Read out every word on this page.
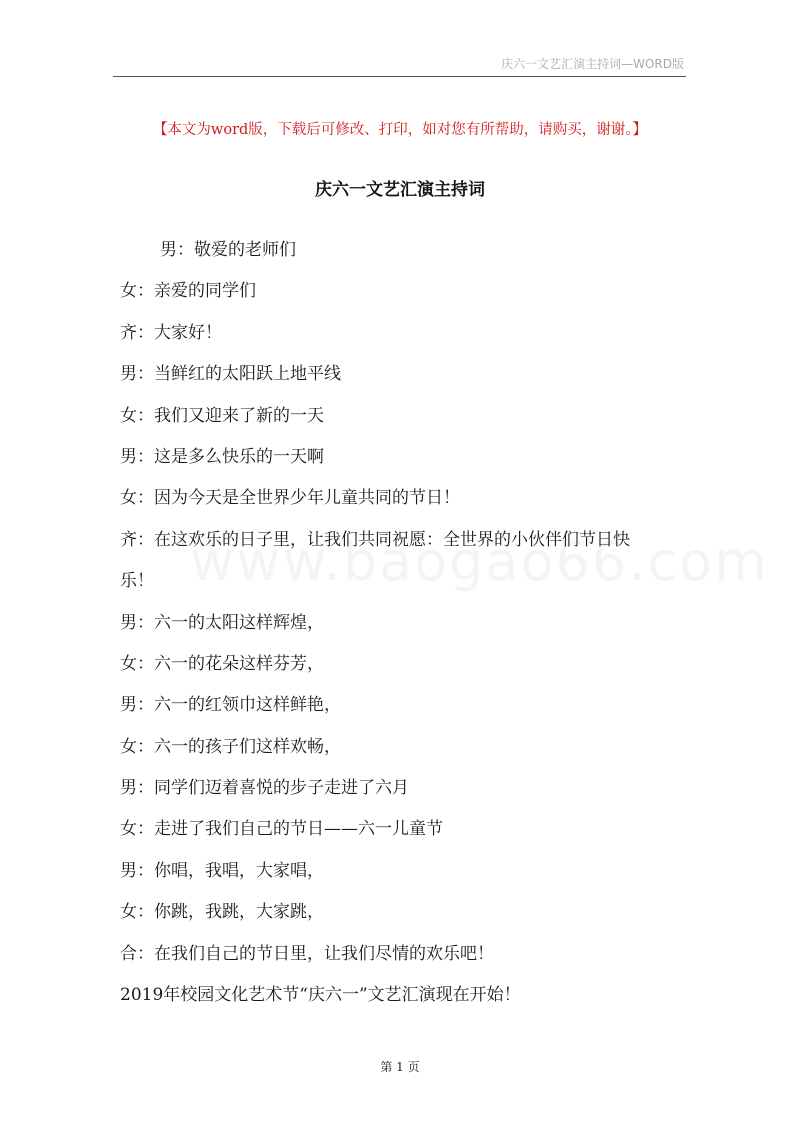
庆六一文艺汇演主持词—WORD版
【本文为word版，下载后可修改、打印，如对您有所帮助，请购买，谢谢。】
庆六一文艺汇演主持词
男：敬爱的老师们
女：亲爱的同学们
齐：大家好！
男：当鲜红的太阳跃上地平线
女：我们又迎来了新的一天
男：这是多么快乐的一天啊
女：因为今天是全世界少年儿童共同的节日！
齐：在这欢乐的日子里，让我们共同祝愿：全世界的小伙伴们节日快
乐！
男：六一的太阳这样辉煌，
女：六一的花朵这样芬芳，
男：六一的红领巾这样鲜艳，
女：六一的孩子们这样欢畅，
男：同学们迈着喜悦的步子走进了六月
女：走进了我们自己的节日——六一儿童节
男：你唱，我唱，大家唱，
女：你跳，我跳，大家跳，
合：在我们自己的节日里，让我们尽情的欢乐吧！
2019年校园文化艺术节“庆六一”文艺汇演现在开始！
第 1 页
